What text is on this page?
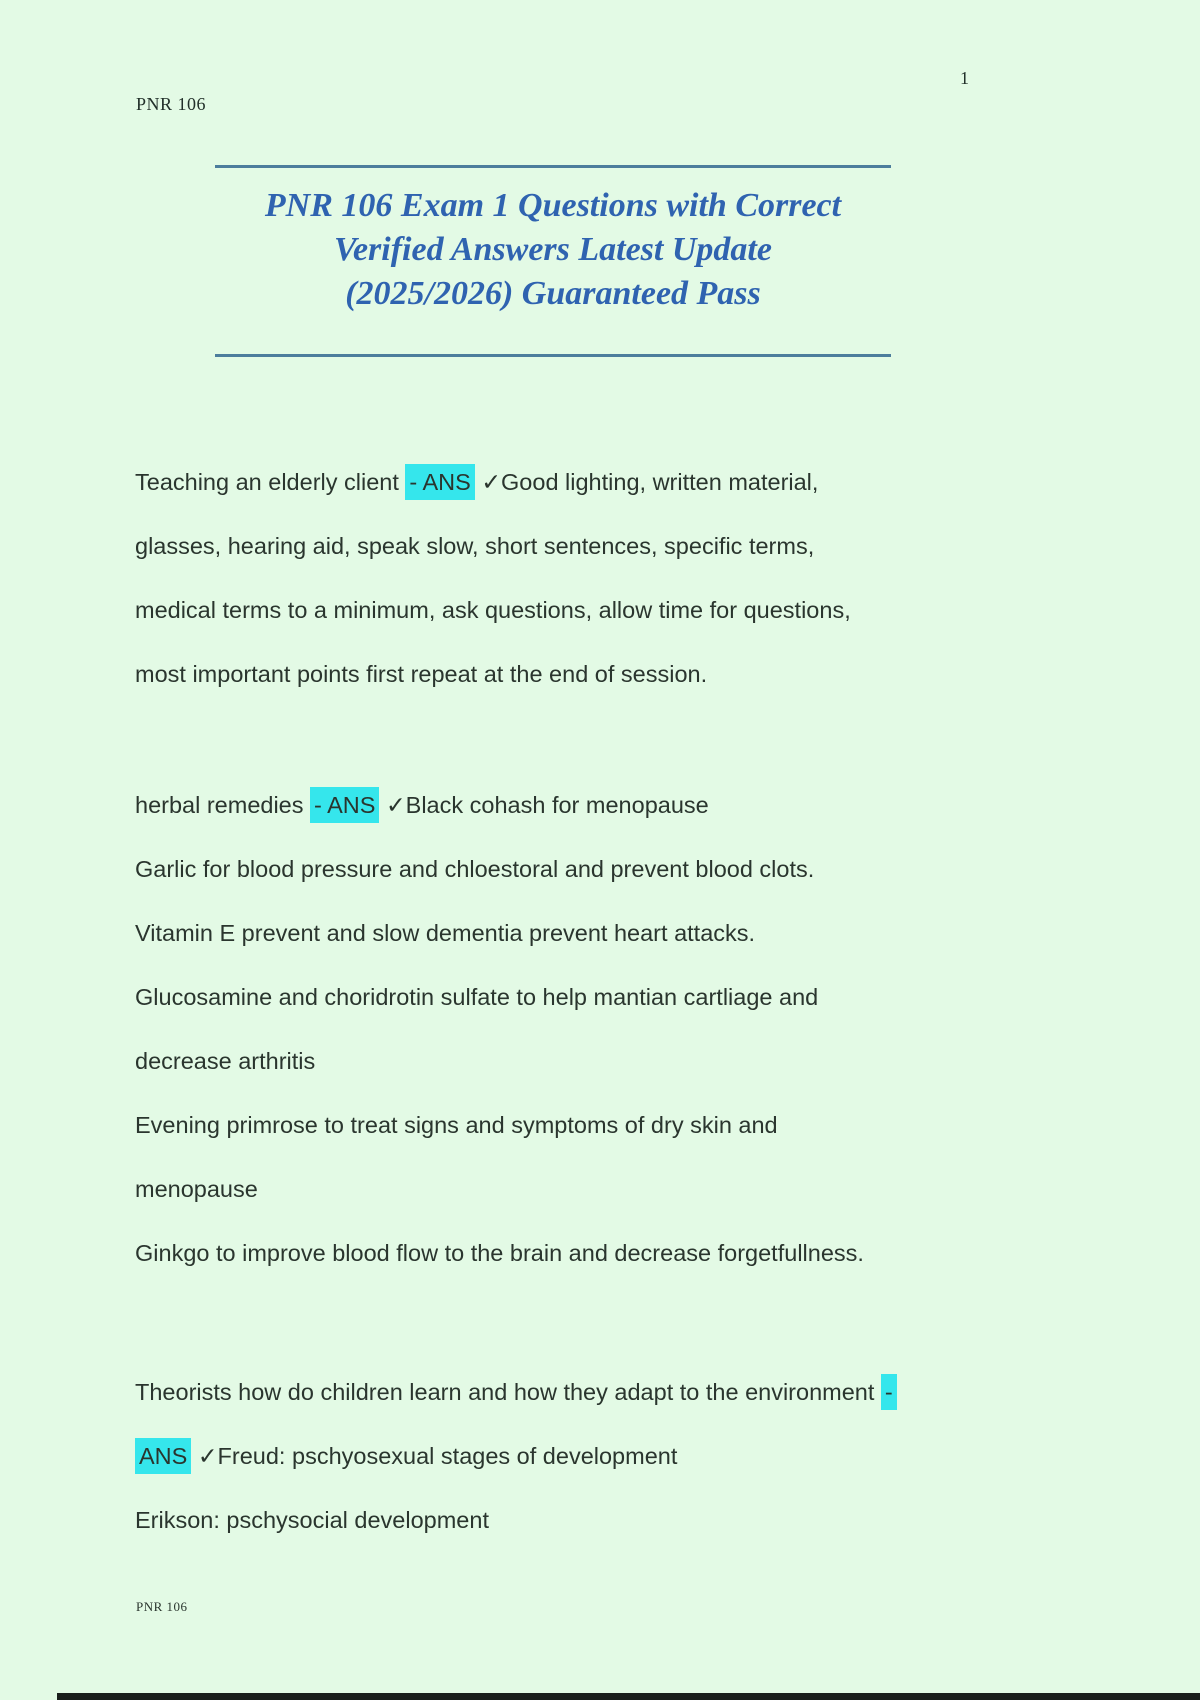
1
PNR 106
PNR 106 Exam 1 Questions with Correct
Verified Answers Latest Update
(2025/2026) Guaranteed Pass
Teaching an elderly client - ANS ✓Good lighting, written material,
glasses, hearing aid, speak slow, short sentences, specific terms,
medical terms to a minimum, ask questions, allow time for questions,
most important points first repeat at the end of session.
herbal remedies - ANS ✓Black cohash for menopause
Garlic for blood pressure and chloestoral and prevent blood clots.
Vitamin E prevent and slow dementia prevent heart attacks.
Glucosamine and choridrotin sulfate to help mantian cartliage and
decrease arthritis
Evening primrose to treat signs and symptoms of dry skin and
menopause
Ginkgo to improve blood flow to the brain and decrease forgetfullness.
Theorists how do children learn and how they adapt to the environment -
ANS ✓Freud: pschyosexual stages of development
Erikson: pschysocial development
PNR 106
